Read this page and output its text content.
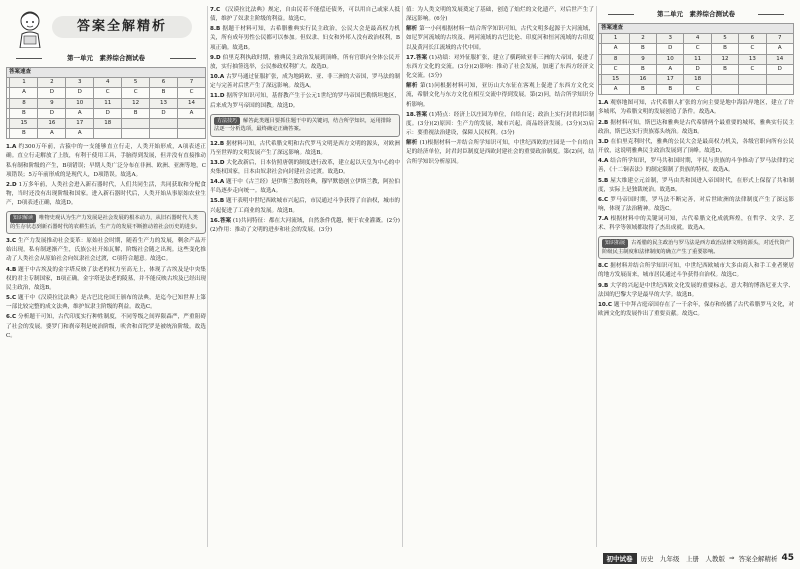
答案全解精析
第一单元　素养综合测试卷
答案速查							
	1	2	3	4	5	6	7
	A	D	D	C	C	B	C
	8	9	10	11	12	13	14
	B	D	A	D	B	D	A
	15	16	17	18			
	B	A	A				

1.A 约300万年前，古猿中的一支能够直立行走，人类开始形成，A项表述正确。直立行走解放了上肢，有利于使用工具，手脑得到发展，但并没有直接推动私有制和阶级的产生，B项错误；早期人类广泛分布在非洲、欧洲、亚洲等地，C项错误；5万年前形成的是现代人，D项错误。故选A。

2.D 1万多年前，人类社会进入新石器时代，人们共同生活，共同获取和分配食物，当时还没有出现阶级和国家。进入新石器时代后，人类开始从事原始农业生产，D项表述正确，故选D。

知识解读 唯物史观认为生产力发展是社会发展的根本动力，从旧石器时代人类的生存状态到新石器时代的农耕生活，生产力的发展不断推动着社会历史的进步。

3.C 生产力发展推动社会变革：原始社会时期，随着生产力的发展，剩余产品开始出现，私有制逐渐产生，氏族公社开始瓦解，阶级社会随之出现。这些变化推动了人类社会从原始社会向奴隶社会过渡，C项符合题意。故选C。

4.B 题干中古埃及的金字塔反映了法老的权力至高无上，体现了古埃及是中央集权的君主专制国家，B项正确。金字塔是法老的陵墓，并不能反映古埃及已经出现民主政治，故选B。

5.C 题干中《汉谟拉比法典》是古巴比伦国王颁布的法典，是迄今已知世界上第一部比较完整的成文法典，维护奴隶主阶级的利益。故选C。

6.C 分析题干可知，古代印度实行种姓制度，不同等级之间界限森严，严重阻碍了社会的发展。婆罗门和刹帝利是统治阶级，吠舍和首陀罗是被统治阶级。故选C。

7.C 《汉谟拉比法典》规定，自由民若不能偿还债务，可以用自己或家人抵债，维护了奴隶主阶级的利益。故选C。

8.B 据题干材料可知，古希腊雅典实行民主政治，公民大会是最高权力机关，所有成年男性公民都可以参加。但奴隶、妇女和外邦人没有政治权利，B项正确。故选B。

9.D 伯里克利执政时期，雅典民主政治发展到顶峰，所有官职向全体公民开放，实行抽签选举，公民参政权利扩大。故选D。

10.A 古罗马通过征服扩张，成为地跨欧、亚、非三洲的大帝国，罗马法的制定与完善对后世产生了深远影响。故选A。

11.D 据所学知识可知，基督教产生于公元1世纪的罗马帝国巴勒斯坦地区，后来成为罗马帝国的国教。故选D。

方法技巧 解答此类题目要抓住题干中的关键词，结合所学知识，运用排除法逐一分析选项，最终确定正确答案。

12.B 据材料可知，古代希腊文明和古代罗马文明是西方文明的源头，对欧洲乃至世界的文明发展产生了深远影响。故选B。

13.D 大化改新后，日本仿照唐朝的制度进行改革，建立起以天皇为中心的中央集权国家，日本由奴隶社会向封建社会过渡。故选D。

14.A 题干中《古兰经》是伊斯兰教的经典，穆罕默德创立伊斯兰教，阿拉伯半岛逐步走向统一。故选A。

15.B 题干表明中世纪西欧城市兴起后，市民通过斗争获得了自治权，城市的兴起促进了工商业的发展。故选B。

16.答案 (1)共同特征：都在大河流域，自然条件优越，便于农业灌溉。(2分)(2)作用：推动了文明的进步和社会的发展。(3分)

值：为人类文明的发展奠定了基础，创造了灿烂的文化遗产，对后世产生了深远影响。(6分)

解析 第一小问根据材料一结合所学知识可知，古代文明多起源于大河流域，如尼罗河流域的古埃及、两河流域的古巴比伦、印度河和恒河流域的古印度以及黄河长江流域的古代中国。

17.答案 (1)功绩：对外征服扩张，建立了横跨欧亚非三洲的大帝国，促进了东西方文化的交流。(3分)(2)影响：推动了社会发展，加速了东西方经济文化交流。(3分)

解析 第(1)问根据材料可知，亚历山大东征在客观上促进了东西方文化交流，希腊文化与东方文化在相互交流中得到发展。第(2)问，结合所学知识分析影响。

18.答案 (1)特点：经济上以庄园为单位，自给自足；政治上实行封君封臣制度。(3分)(2)原因：生产力的发展，城市兴起，商品经济发展。(3分)(3)启示：要重视法治建设，保障人民权利。(3分)

解析 (1)根据材料一并结合所学知识可知，中世纪西欧的庄园是一个自给自足的经济单位，封君封臣制度是西欧封建社会的重要政治制度。第(2)问，结合所学知识分析原因。

第二单元　素养综合测试卷
答案速查							
	1	2	3	4	5	6	7
	A	B	D	C	B	C	A
	8	9	10	11	12	13	14
	C	B	A	D	B	C	D
	15	16	17	18			
	A	B	B	C			

1.A 观察地图可知，古代希腊人扩张的方向主要是地中海沿岸地区，建立了许多城邦，为希腊文明的发展创造了条件。故选A。

2.B 据材料可知，斯巴达和雅典是古代希腊两个最重要的城邦，雅典实行民主政治，斯巴达实行贵族寡头统治。故选B。

3.D 在伯里克利时代，雅典的公民大会是最高权力机关，各级官职向所有公民开放，这说明雅典民主政治发展到了顶峰。故选D。

4.A 结合所学知识，罗马共和国时期，平民与贵族的斗争推动了罗马法律的完善，《十二铜表法》的制定限制了贵族的特权。故选A。

5.B 屋大维建立元首制，罗马由共和国进入帝国时代，在形式上保留了共和制度，实际上是独裁统治。故选B。

6.C 罗马帝国时期，罗马法不断完善，对后世欧洲的法律制度产生了深远影响，体现了法治精神。故选C。

7.A 根据材料中的关键词可知，古代希腊文化成就辉煌，在哲学、文学、艺术、科学等领域都取得了杰出成就。故选A。

知识拓展 古希腊的民主政治与罗马法是西方政治法律文明的源头，对近代资产阶级民主制度和法律制度的确立产生了重要影响。

8.C 据材料并结合所学知识可知，中世纪西欧城市大多由商人和手工业者聚居的地方发展而来，城市居民通过斗争获得自治权。故选C。

9.B 大学的兴起是中世纪西欧文化发展的重要标志，意大利的博洛尼亚大学、法国的巴黎大学是最早的大学。故选B。

10.C 题干中拜占庭帝国存在了一千余年，保存和传播了古代希腊罗马文化，对欧洲文化的发展作出了重要贡献。故选C。

初中试卷	历史　九年级　上册　人教版 ⇒ 答案全解精析 45
